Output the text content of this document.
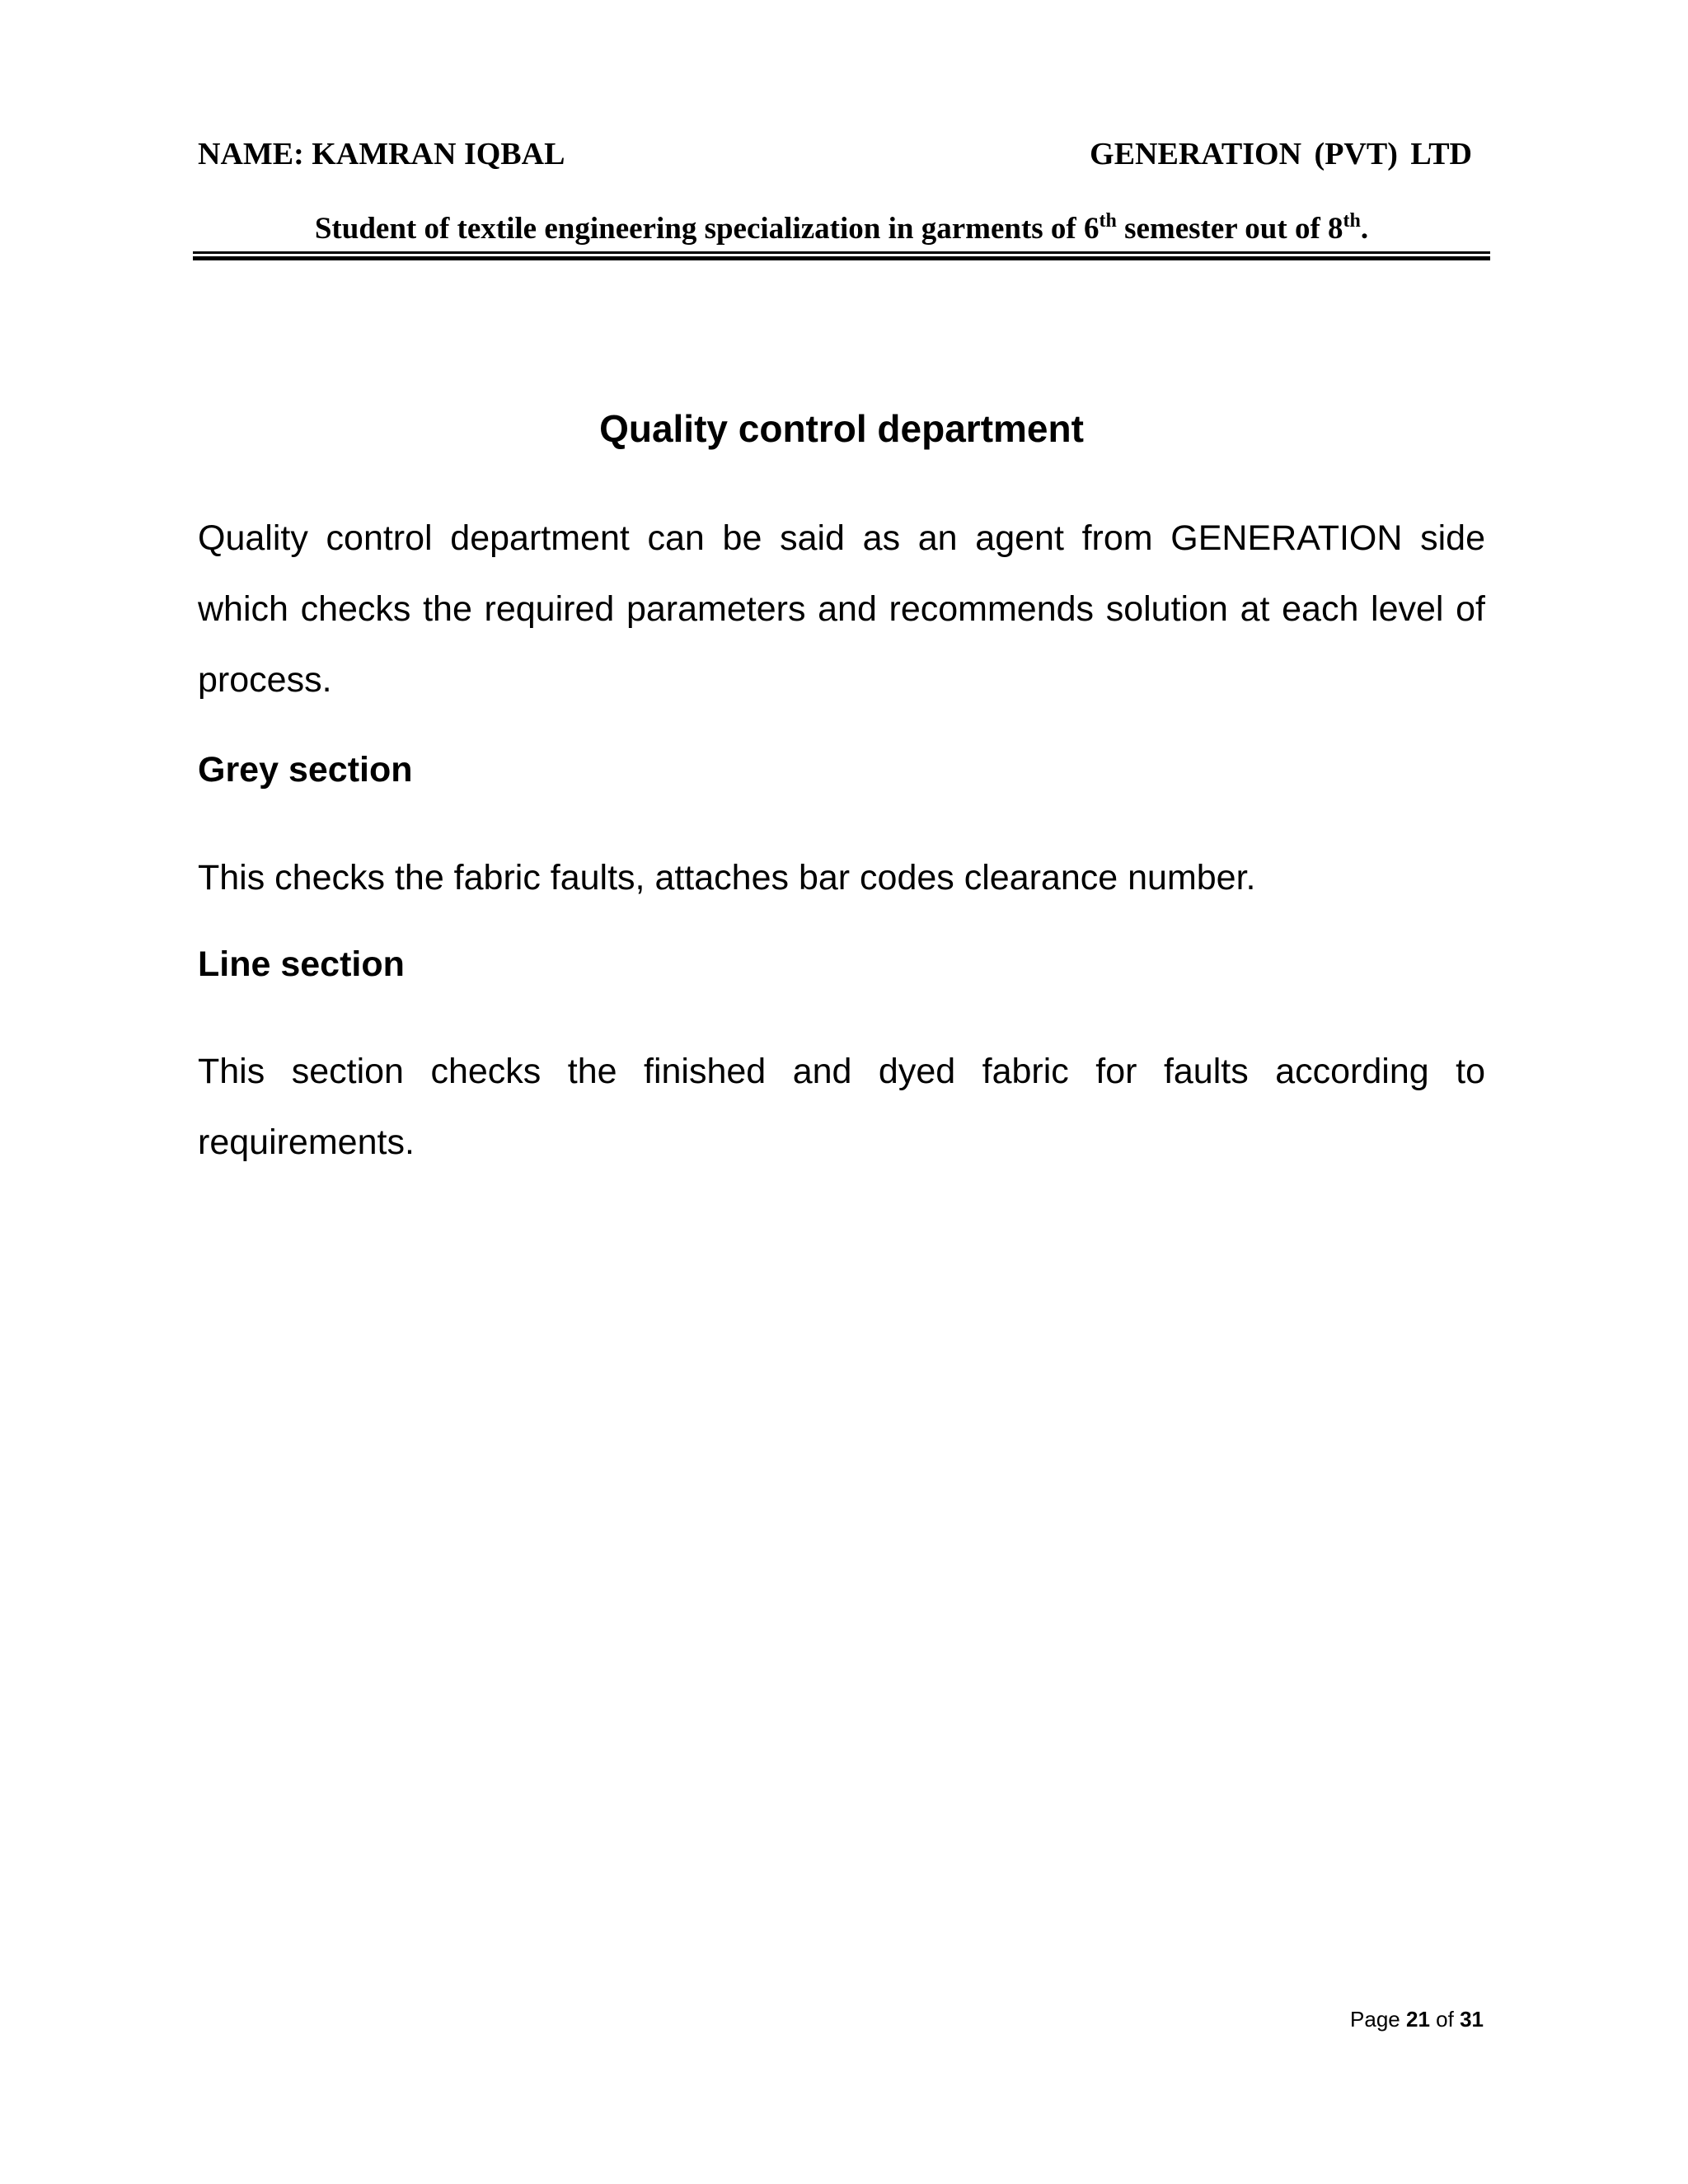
NAME: KAMRAN IQBAL	GENERATION (PVT) LTD
Student of textile engineering specialization in garments of 6th semester out of 8th.
Quality control department
Quality control department can be said as an agent from GENERATION side which checks the required parameters and recommends solution at each level of process.
Grey section
This checks the fabric faults, attaches bar codes clearance number.
Line section
This section checks the finished and dyed fabric for faults according to requirements.
Page 21 of 31
